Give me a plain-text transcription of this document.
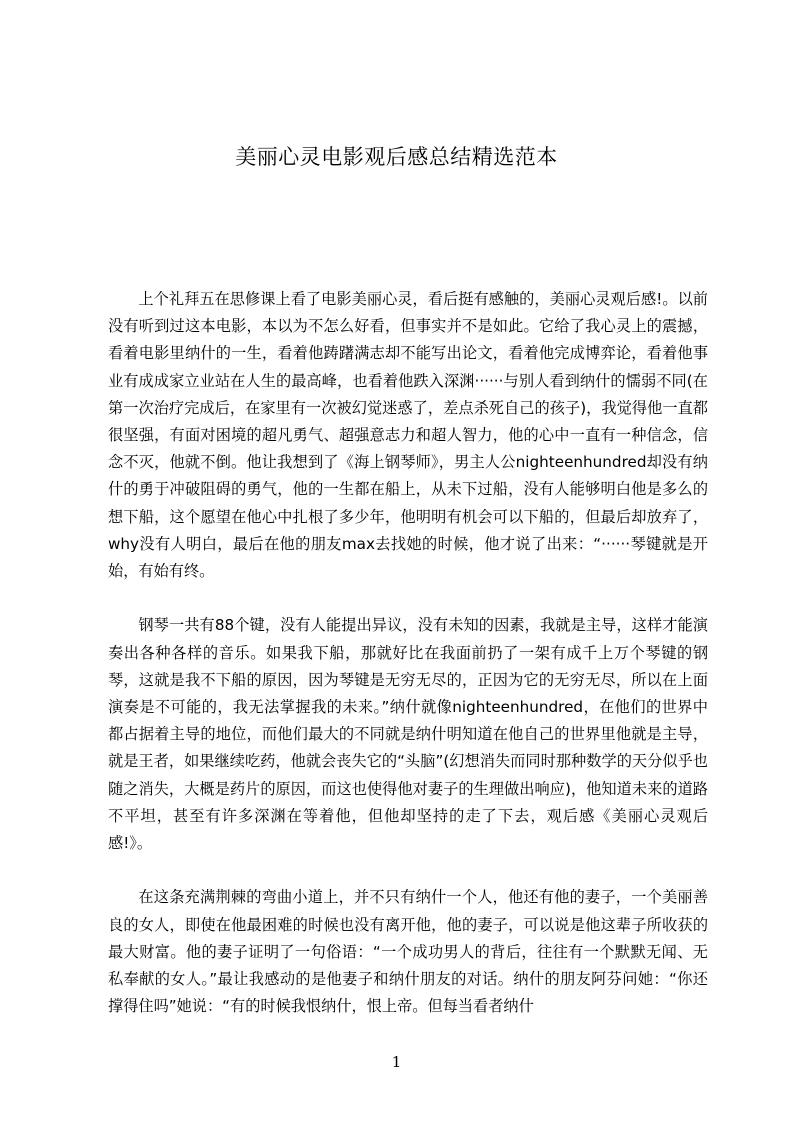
美丽心灵电影观后感总结精选范本

上个礼拜五在思修课上看了电影美丽心灵，看后挺有感触的，美丽心灵观后感!。以前没有听到过这本电影，本以为不怎么好看，但事实并不是如此。它给了我心灵上的震撼，看着电影里纳什的一生，看着他踌躇满志却不能写出论文，看着他完成博弈论，看着他事业有成成家立业站在人生的最高峰，也看着他跌入深渊······与别人看到纳什的懦弱不同(在第一次治疗完成后，在家里有一次被幻觉迷惑了，差点杀死自己的孩子)，我觉得他一直都很坚强，有面对困境的超凡勇气、超强意志力和超人智力，他的心中一直有一种信念，信念不灭，他就不倒。他让我想到了《海上钢琴师》，男主人公nighteenhundred却没有纳什的勇于冲破阻碍的勇气，他的一生都在船上，从未下过船，没有人能够明白他是多么的想下船，这个愿望在他心中扎根了多少年，他明明有机会可以下船的，但最后却放弃了，why没有人明白，最后在他的朋友max去找她的时候，他才说了出来：“······琴键就是开始，有始有终。

钢琴一共有88个键，没有人能提出异议，没有未知的因素，我就是主导，这样才能演奏出各种各样的音乐。如果我下船，那就好比在我面前扔了一架有成千上万个琴键的钢琴，这就是我不下船的原因，因为琴键是无穷无尽的，正因为它的无穷无尽，所以在上面演奏是不可能的，我无法掌握我的未来。”纳什就像nighteenhundred，在他们的世界中都占据着主导的地位，而他们最大的不同就是纳什明知道在他自己的世界里他就是主导，就是王者，如果继续吃药，他就会丧失它的“头脑”(幻想消失而同时那种数学的天分似乎也随之消失，大概是药片的原因，而这也使得他对妻子的生理做出响应)，他知道未来的道路不平坦，甚至有许多深渊在等着他，但他却坚持的走了下去，观后感《美丽心灵观后感!》。

在这条充满荆棘的弯曲小道上，并不只有纳什一个人，他还有他的妻子，一个美丽善良的女人，即使在他最困难的时候也没有离开他，他的妻子，可以说是他这辈子所收获的最大财富。他的妻子证明了一句俗语：“一个成功男人的背后，往往有一个默默无闻、无私奉献的女人。”最让我感动的是他妻子和纳什朋友的对话。纳什的朋友阿芬问她：“你还撑得住吗”她说：“有的时候我恨纳什，恨上帝。但每当看者纳什

1
